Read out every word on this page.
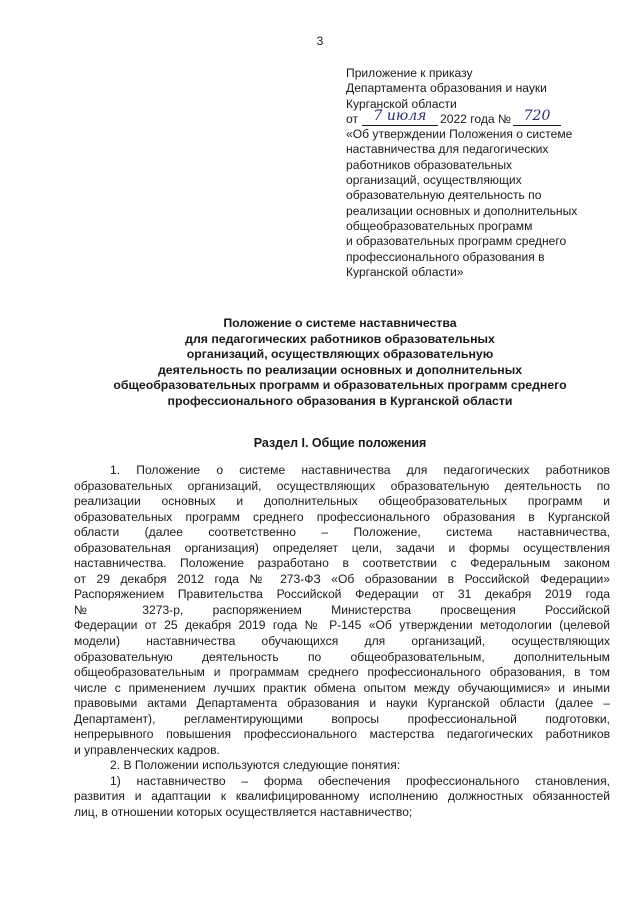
3
Приложение к приказу
Департамента образования и науки
Курганской области
от 7 июля 2022 года № 720
«Об утверждении Положения о системе
наставничества для педагогических
работников образовательных
организаций, осуществляющих
образовательную деятельность по
реализации основных и дополнительных
общеобразовательных программ
и образовательных программ среднего
профессионального образования в
Курганской области»
Положение о системе наставничества
для педагогических работников образовательных
организаций, осуществляющих образовательную
деятельность по реализации основных и дополнительных
общеобразовательных программ и образовательных программ среднего
профессионального образования в Курганской области
Раздел I. Общие положения
1. Положение о системе наставничества для педагогических работников
образовательных организаций, осуществляющих образовательную деятельность по
реализации основных и дополнительных общеобразовательных программ и
образовательных программ среднего профессионального образования в Курганской
области (далее соответственно – Положение, система наставничества,
образовательная организация) определяет цели, задачи и формы осуществления
наставничества. Положение разработано в соответствии с Федеральным законом
от 29 декабря 2012 года № 273-ФЗ «Об образовании в Российской Федерации»
Распоряжением Правительства Российской Федерации от 31 декабря 2019 года
№ 3273-р, распоряжением Министерства просвещения Российской
Федерации от 25 декабря 2019 года № Р-145 «Об утверждении методологии (целевой
модели) наставничества обучающихся для организаций, осуществляющих
образовательную деятельность по общеобразовательным, дополнительным
общеобразовательным и программам среднего профессионального образования, в том
числе с применением лучших практик обмена опытом между обучающимися» и иными
правовыми актами Департамента образования и науки Курганской области (далее –
Департамент), регламентирующими вопросы профессиональной подготовки,
непрерывного повышения профессионального мастерства педагогических работников
и управленческих кадров.
2. В Положении используются следующие понятия:
1) наставничество – форма обеспечения профессионального становления,
развития и адаптации к квалифицированному исполнению должностных обязанностей
лиц, в отношении которых осуществляется наставничество;
